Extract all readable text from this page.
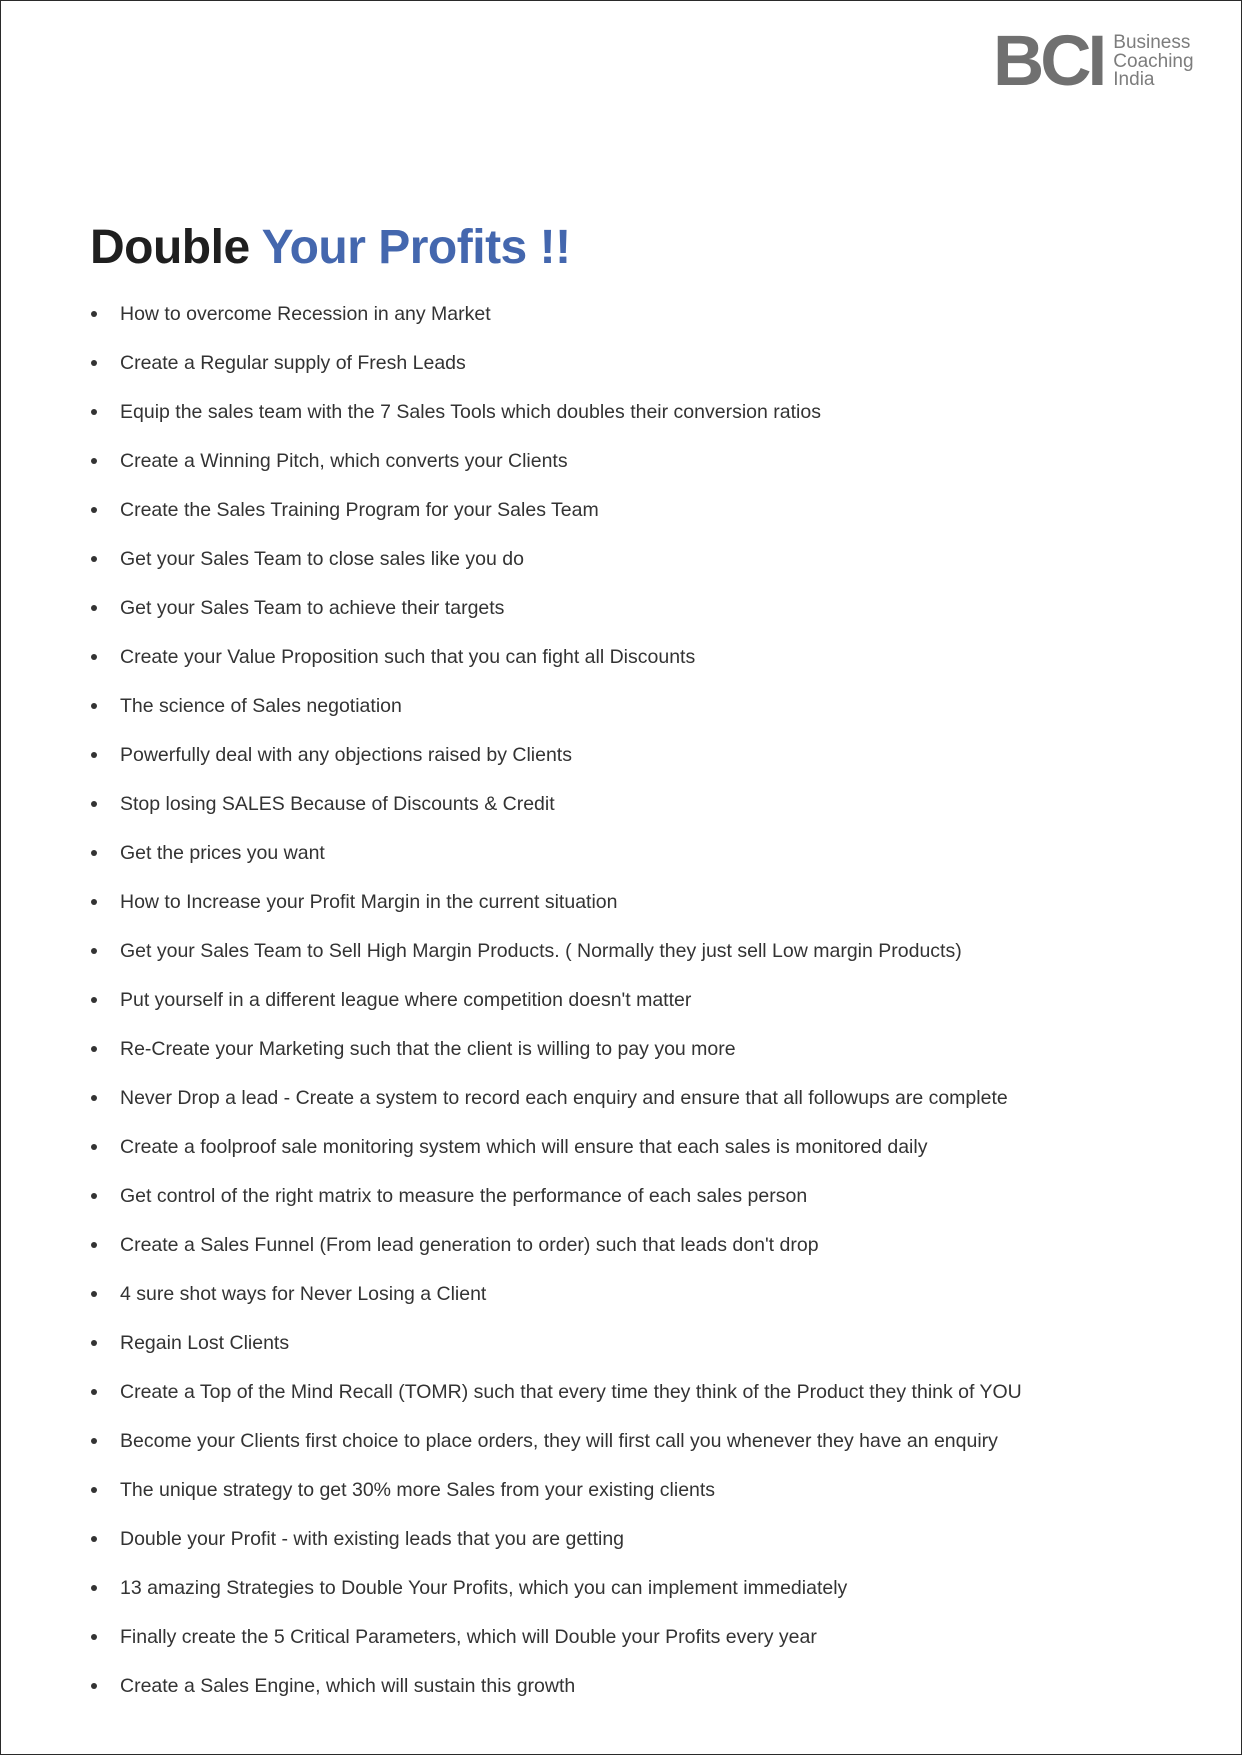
BCI Business
Coaching
India
Double Your Profits !!
How to overcome Recession in any Market
Create a Regular supply of Fresh Leads
Equip the sales team with the 7 Sales Tools which doubles their conversion ratios
Create a Winning Pitch, which converts your Clients
Create the Sales Training Program for your Sales Team
Get your Sales Team to close sales like you do
Get your Sales Team to achieve their targets
Create your Value Proposition such that you can fight all Discounts
The science of Sales negotiation
Powerfully deal with any objections raised by Clients
Stop losing SALES Because of Discounts & Credit
Get the prices you want
How to Increase your Profit Margin in the current situation
Get your Sales Team to Sell High Margin Products. ( Normally they just sell Low margin Products)
Put yourself in a different league where competition doesn't matter
Re-Create your Marketing such that the client is willing to pay you more
Never Drop a lead - Create a system to record each enquiry and ensure that all followups are complete
Create a foolproof sale monitoring system which will ensure that each sales is monitored daily
Get control of the right matrix to measure the performance of each sales person
Create a Sales Funnel (From lead generation to order) such that leads don't drop
4 sure shot ways for Never Losing a Client
Regain Lost Clients
Create a Top of the Mind Recall (TOMR) such that every time they think of the Product they think of YOU
Become your Clients first choice to place orders, they will first call you whenever they have an enquiry
The unique strategy to get 30% more Sales from your existing clients
Double your Profit - with existing leads that you are getting
13 amazing Strategies to Double Your Profits, which you can implement immediately
Finally create the 5 Critical Parameters, which will Double your Profits every year
Create a Sales Engine, which will sustain this growth
